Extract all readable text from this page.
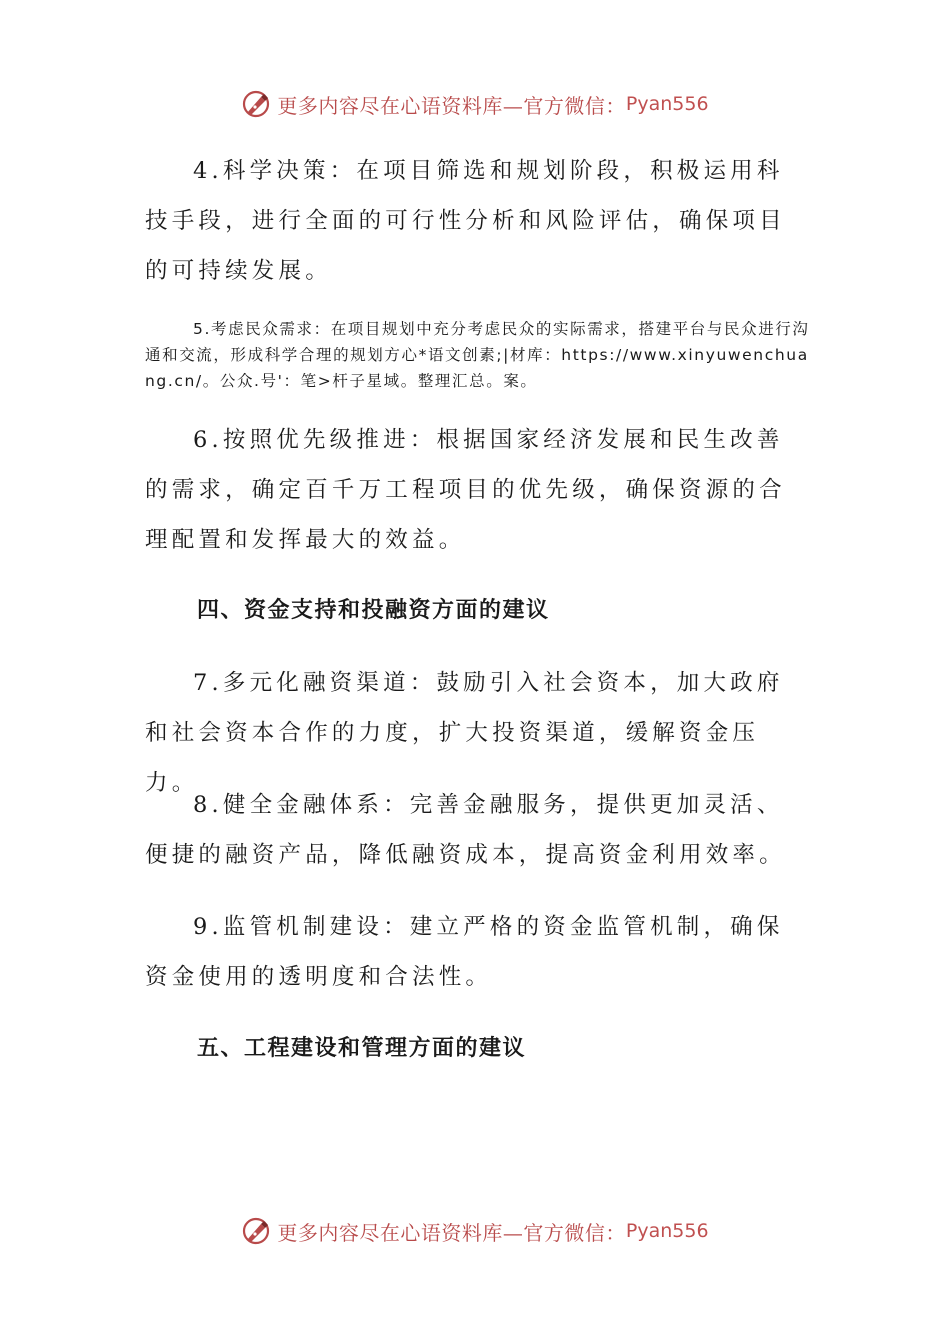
更多内容尽在心语资料库—官方微信： Pyan556

4.科学决策：在项目筛选和规划阶段，积极运用科技手段，进行全面的可行性分析和风险评估，确保项目的可持续发展。

5.考虑民众需求：在项目规划中充分考虑民众的实际需求，搭建平台与民众进行沟通和交流，形成科学合理的规划方心*语文创素;|材库：https://www.xinyuwenchuang.cn/。公众.号'：笔>杆子星域。整理汇总。案。

6.按照优先级推进：根据国家经济发展和民生改善的需求，确定百千万工程项目的优先级，确保资源的合理配置和发挥最大的效益。

四、资金支持和投融资方面的建议

7.多元化融资渠道：鼓励引入社会资本，加大政府和社会资本合作的力度，扩大投资渠道，缓解资金压力。

8.健全金融体系：完善金融服务，提供更加灵活、便捷的融资产品，降低融资成本，提高资金利用效率。

9.监管机制建设：建立严格的资金监管机制，确保资金使用的透明度和合法性。

五、工程建设和管理方面的建议
更多内容尽在心语资料库—官方微信： Pyan556
